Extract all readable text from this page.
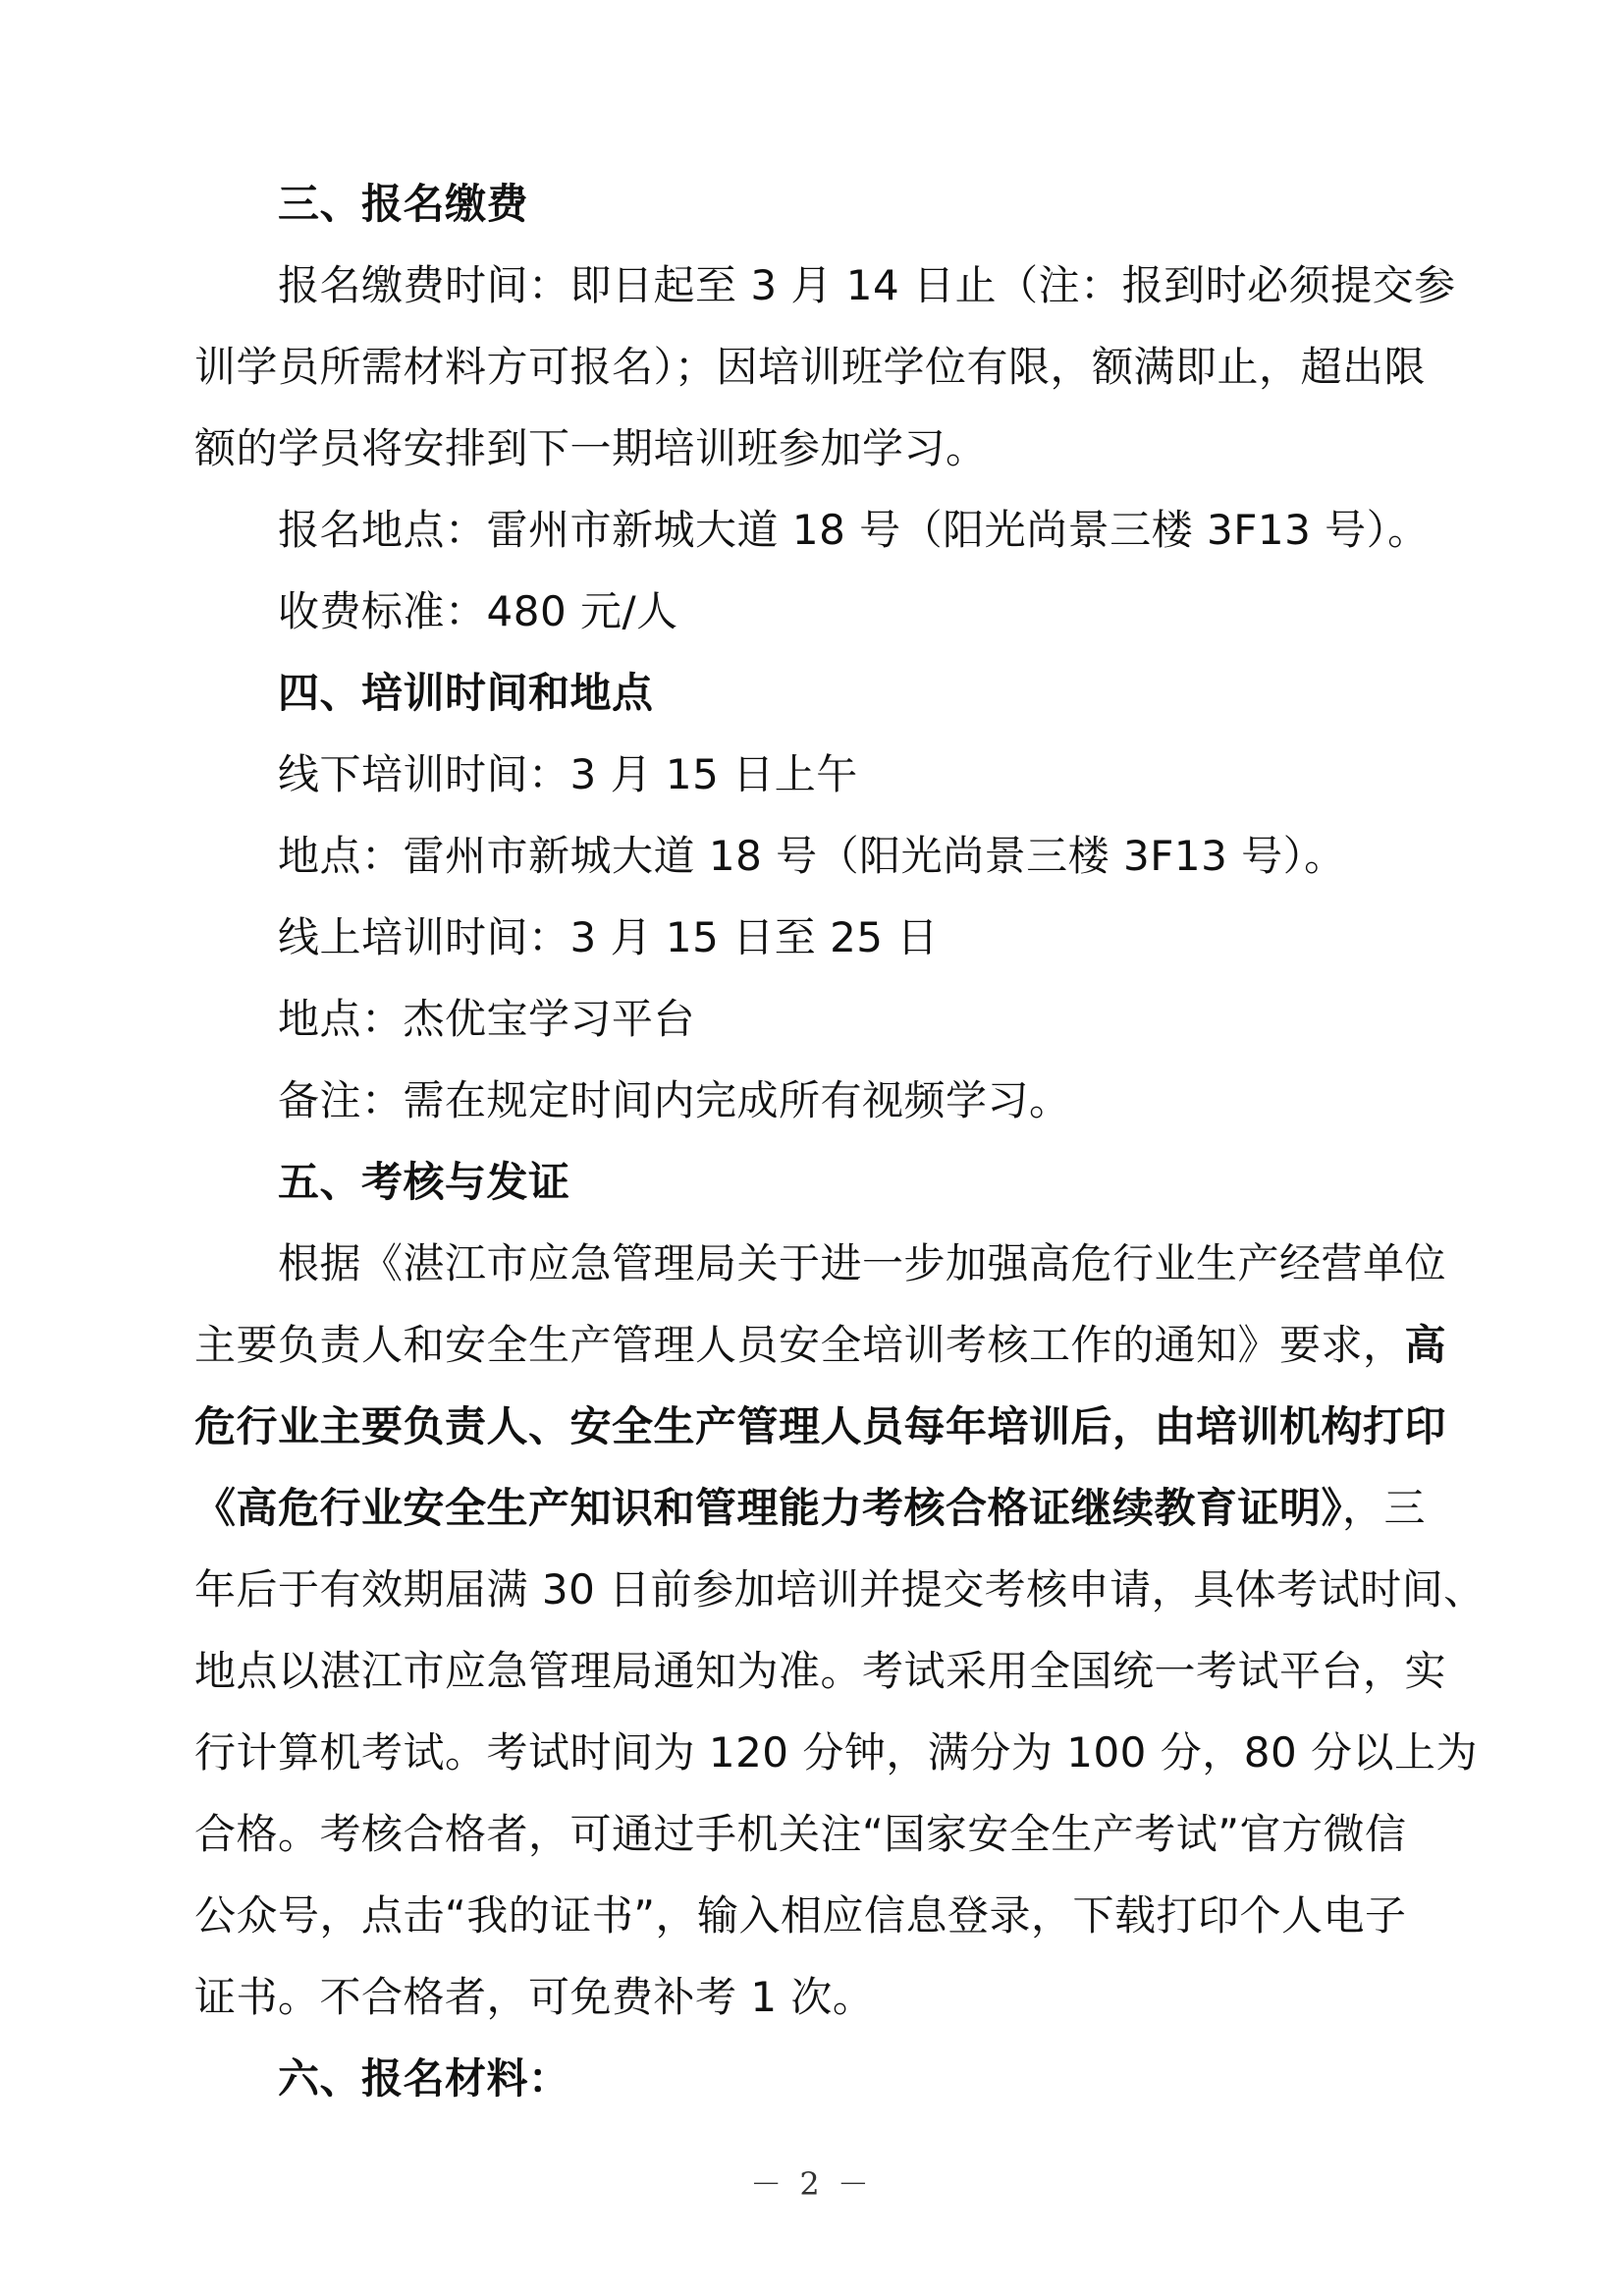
三、报名缴费
报名缴费时间：即日起至 3 月 14 日止（注：报到时必须提交参
训学员所需材料方可报名）；因培训班学位有限，额满即止，超出限
额的学员将安排到下一期培训班参加学习。
报名地点：雷州市新城大道 18 号（阳光尚景三楼 3F13 号）。
收费标准：480 元/人
四、培训时间和地点
线下培训时间：3 月 15 日上午
地点：雷州市新城大道 18 号（阳光尚景三楼 3F13 号）。
线上培训时间：3 月 15 日至 25 日
地点：杰优宝学习平台
备注：需在规定时间内完成所有视频学习。
五、考核与发证
根据《湛江市应急管理局关于进一步加强高危行业生产经营单位
主要负责人和安全生产管理人员安全培训考核工作的通知》要求，高
危行业主要负责人、安全生产管理人员每年培训后，由培训机构打印
《高危行业安全生产知识和管理能力考核合格证继续教育证明》，三
年后于有效期届满 30 日前参加培训并提交考核申请，具体考试时间、
地点以湛江市应急管理局通知为准。考试采用全国统一考试平台，实
行计算机考试。考试时间为 120 分钟，满分为 100 分，80 分以上为
合格。考核合格者，可通过手机关注“国家安全生产考试”官方微信
公众号，点击“我的证书”，输入相应信息登录，下载打印个人电子
证书。不合格者，可免费补考 1 次。
六、报名材料：
－ 2 －
